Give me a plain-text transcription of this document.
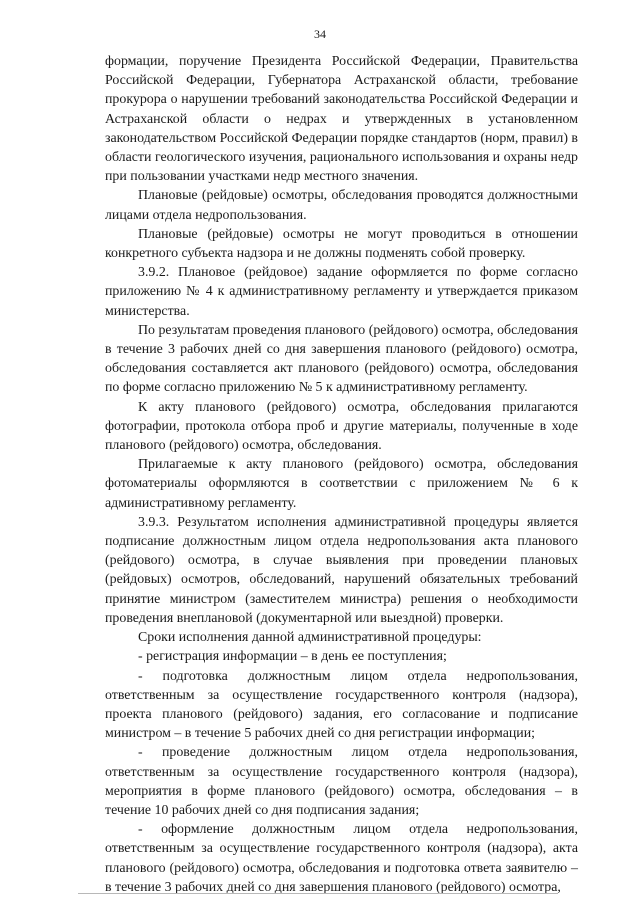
34

формации, поручение Президента Российской Федерации, Правительства Российской Федерации, Губернатора Астраханской области, требование прокурора о нарушении требований законодательства Российской Федерации и Астраханской области о недрах и утвержденных в установленном законодательством Российской Федерации порядке стандартов (норм, правил) в области геологического изучения, рационального использования и охраны недр при пользовании участками недр местного значения.

Плановые (рейдовые) осмотры, обследования проводятся должностными лицами отдела недропользования.

Плановые (рейдовые) осмотры не могут проводиться в отношении конкретного субъекта надзора и не должны подменять собой проверку.

3.9.2. Плановое (рейдовое) задание оформляется по форме согласно приложению № 4 к административному регламенту и утверждается приказом министерства.

По результатам проведения планового (рейдового) осмотра, обследования в течение 3 рабочих дней со дня завершения планового (рейдового) осмотра, обследования составляется акт планового (рейдового) осмотра, обследования по форме согласно приложению № 5 к административному регламенту.

К акту планового (рейдового) осмотра, обследования прилагаются фотографии, протокола отбора проб и другие материалы, полученные в ходе планового (рейдового) осмотра, обследования.

Прилагаемые к акту планового (рейдового) осмотра, обследования фотоматериалы оформляются в соответствии с приложением № 6 к административному регламенту.

3.9.3. Результатом исполнения административной процедуры является подписание должностным лицом отдела недропользования акта планового (рейдового) осмотра, в случае выявления при проведении плановых (рейдовых) осмотров, обследований, нарушений обязательных требований принятие министром (заместителем министра) решения о необходимости проведения внеплановой (документарной или выездной) проверки.

Сроки исполнения данной административной процедуры:

- регистрация информации – в день ее поступления;

- подготовка должностным лицом отдела недропользования, ответственным за осуществление государственного контроля (надзора), проекта планового (рейдового) задания, его согласование и подписание министром – в течение 5 рабочих дней со дня регистрации информации;

- проведение должностным лицом отдела недропользования, ответственным за осуществление государственного контроля (надзора), мероприятия в форме планового (рейдового) осмотра, обследования – в течение 10 рабочих дней со дня подписания задания;

- оформление должностным лицом отдела недропользования, ответственным за осуществление государственного контроля (надзора), акта планового (рейдового) осмотра, обследования и подготовка ответа заявителю – в течение 3 рабочих дней со дня завершения планового (рейдового) осмотра,
